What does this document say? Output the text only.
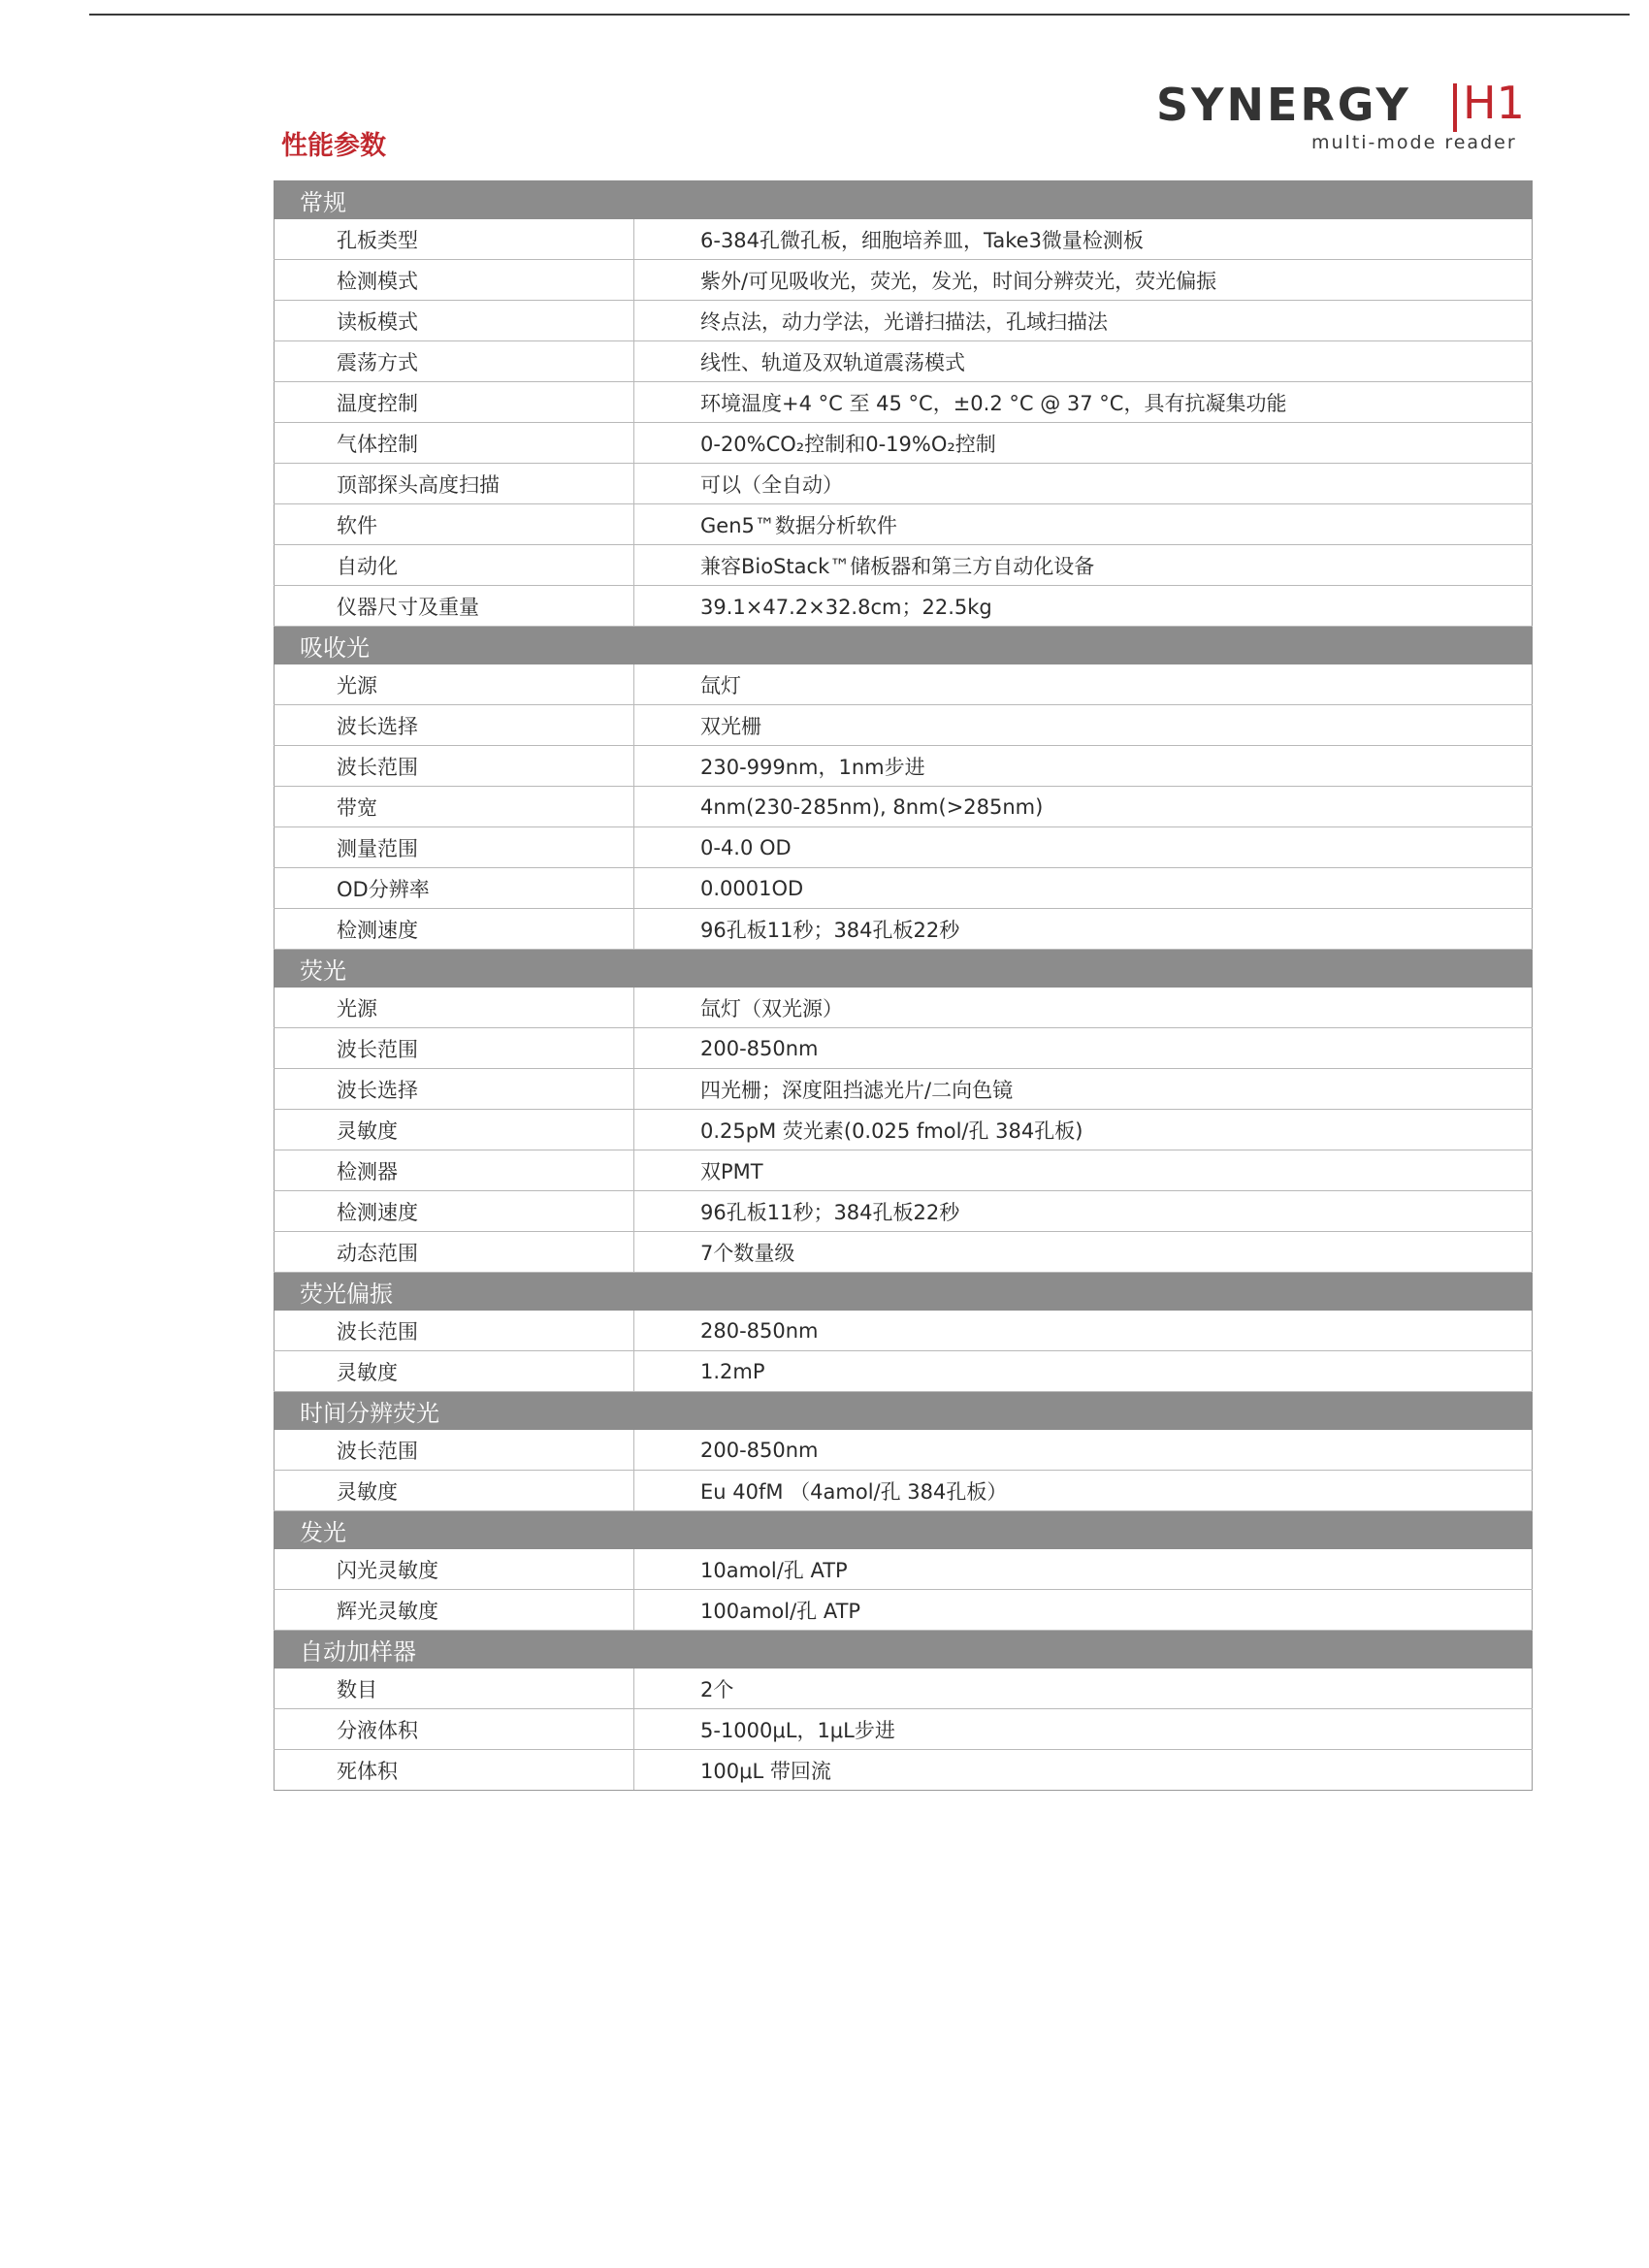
SYNERGY H1
multi-mode reader
性能参数
常规	
孔板类型	6-384孔微孔板，细胞培养皿，Take3微量检测板
检测模式	紫外/可见吸收光，荧光，发光，时间分辨荧光，荧光偏振
读板模式	终点法，动力学法，光谱扫描法，孔域扫描法
震荡方式	线性、轨道及双轨道震荡模式
温度控制	环境温度+4 °C 至 45 °C，±0.2 °C @ 37 °C，具有抗凝集功能
气体控制	0-20%CO₂控制和0-19%O₂控制
顶部探头高度扫描	可以（全自动）
软件	Gen5™数据分析软件
自动化	兼容BioStack™储板器和第三方自动化设备
仪器尺寸及重量	39.1×47.2×32.8cm；22.5kg
吸收光	
光源	氙灯
波长选择	双光栅
波长范围	230-999nm，1nm步进
带宽	4nm(230-285nm), 8nm(>285nm)
测量范围	0-4.0 OD
OD分辨率	0.0001OD
检测速度	96孔板11秒；384孔板22秒
荧光	
光源	氙灯（双光源）
波长范围	200-850nm
波长选择	四光栅；深度阻挡滤光片/二向色镜
灵敏度	0.25pM 荧光素(0.025 fmol/孔 384孔板)
检测器	双PMT
检测速度	96孔板11秒；384孔板22秒
动态范围	7个数量级
荧光偏振	
波长范围	280-850nm
灵敏度	1.2mP
时间分辨荧光	
波长范围	200-850nm
灵敏度	Eu 40fM （4amol/孔 384孔板）
发光	
闪光灵敏度	10amol/孔 ATP
辉光灵敏度	100amol/孔 ATP
自动加样器	
数目	2个
分液体积	5-1000μL，1μL步进
死体积	100μL 带回流
